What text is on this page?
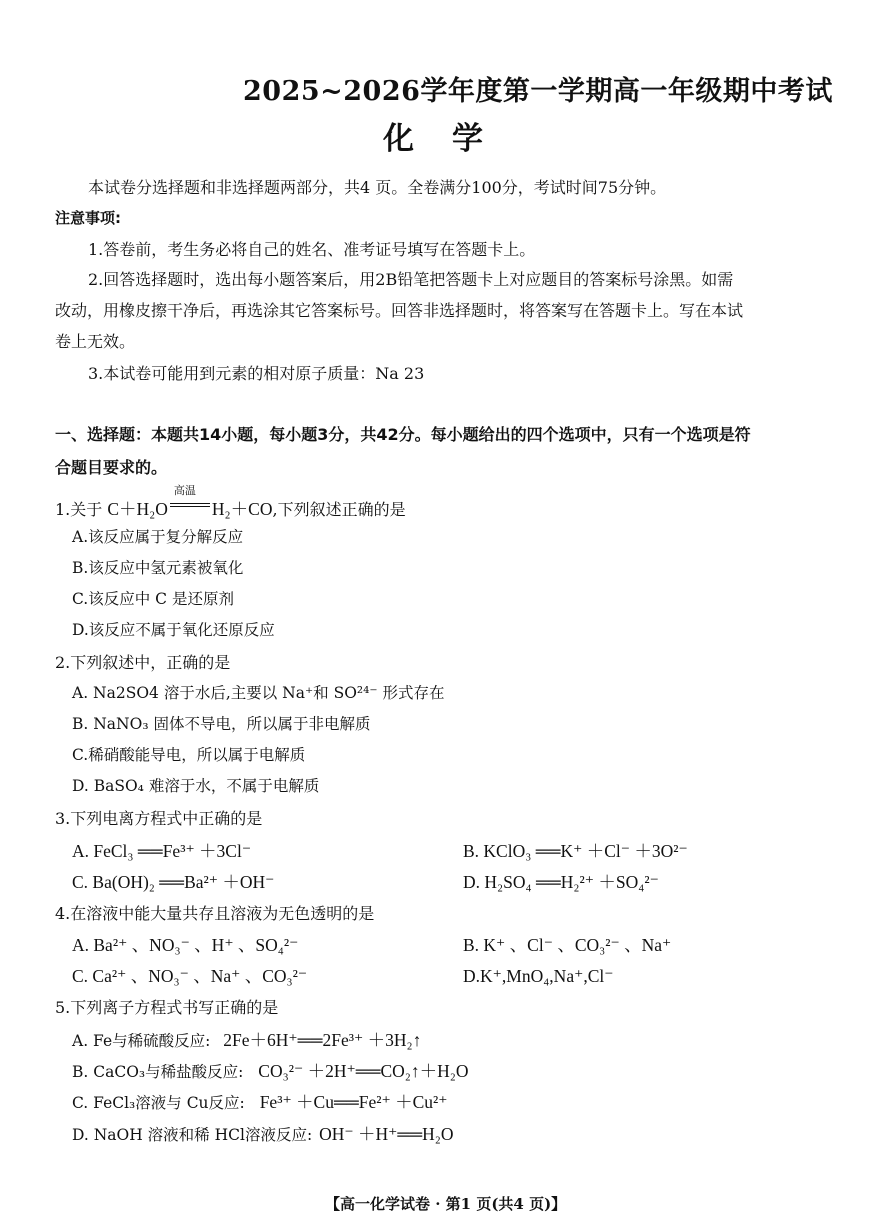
2025~2026学年度第一学期高一年级期中考试
化学
本试卷分选择题和非选择题两部分，共4 页。全卷满分100分，考试时间75分钟。
注意事项:
1.答卷前，考生务必将自己的姓名、准考证号填写在答题卡上。
2.回答选择题时，选出每小题答案后，用2B铅笔把答题卡上对应题目的答案标号涂黑。如需
改动，用橡皮擦干净后，再选涂其它答案标号。回答非选择题时，将答案写在答题卡上。写在本试
卷上无效。
3.本试卷可能用到元素的相对原子质量：Na 23
一、选择题：本题共14小题，每小题3分，共42分。每小题给出的四个选项中，只有一个选项是符
合题目要求的。
1.关于 C＋H₂O
高温
H₂＋CO,下列叙述正确的是
A.该反应属于复分解反应
B.该反应中氢元素被氧化
C.该反应中 C 是还原剂
D.该反应不属于氧化还原反应
2.下列叙述中，正确的是
A. Na2SO4 溶于水后,主要以 Na⁺和 SO²⁴⁻ 形式存在
B. NaNO₃ 固体不导电，所以属于非电解质
C.稀硝酸能导电，所以属于电解质
D. BaSO₄ 难溶于水，不属于电解质
3.下列电离方程式中正确的是
A. FeCl₃ ══Fe³⁺ ＋3Cl⁻	B. KClO₃ ══K⁺ ＋Cl⁻ ＋3O²⁻
C. Ba(OH)₂ ══Ba²⁺ ＋OH⁻	D. H₂SO₄ ══H₂²⁺ ＋SO₄²⁻
4.在溶液中能大量共存且溶液为无色透明的是
A. Ba²⁺ 、NO₃⁻ 、H⁺ 、SO₄²⁻	B. K⁺ 、Cl⁻ 、CO₃²⁻ 、Na⁺
C. Ca²⁺ 、NO₃⁻ 、Na⁺ 、CO₃²⁻	D.K⁺,MnO₄,Na⁺,Cl⁻
5.下列离子方程式书写正确的是
A. Fe与稀硫酸反应: 2Fe＋6H⁺══2Fe³⁺ ＋3H₂↑
B. CaCO₃与稀盐酸反应: CO₃²⁻ ＋2H⁺══CO₂↑＋H₂O
C. FeCl₃溶液与 Cu反应: Fe³⁺ ＋Cu══Fe²⁺ ＋Cu²⁺
D. NaOH 溶液和稀 HCl溶液反应: OH⁻ ＋H⁺══H₂O
【高一化学试卷 · 第1 页(共4 页)】
